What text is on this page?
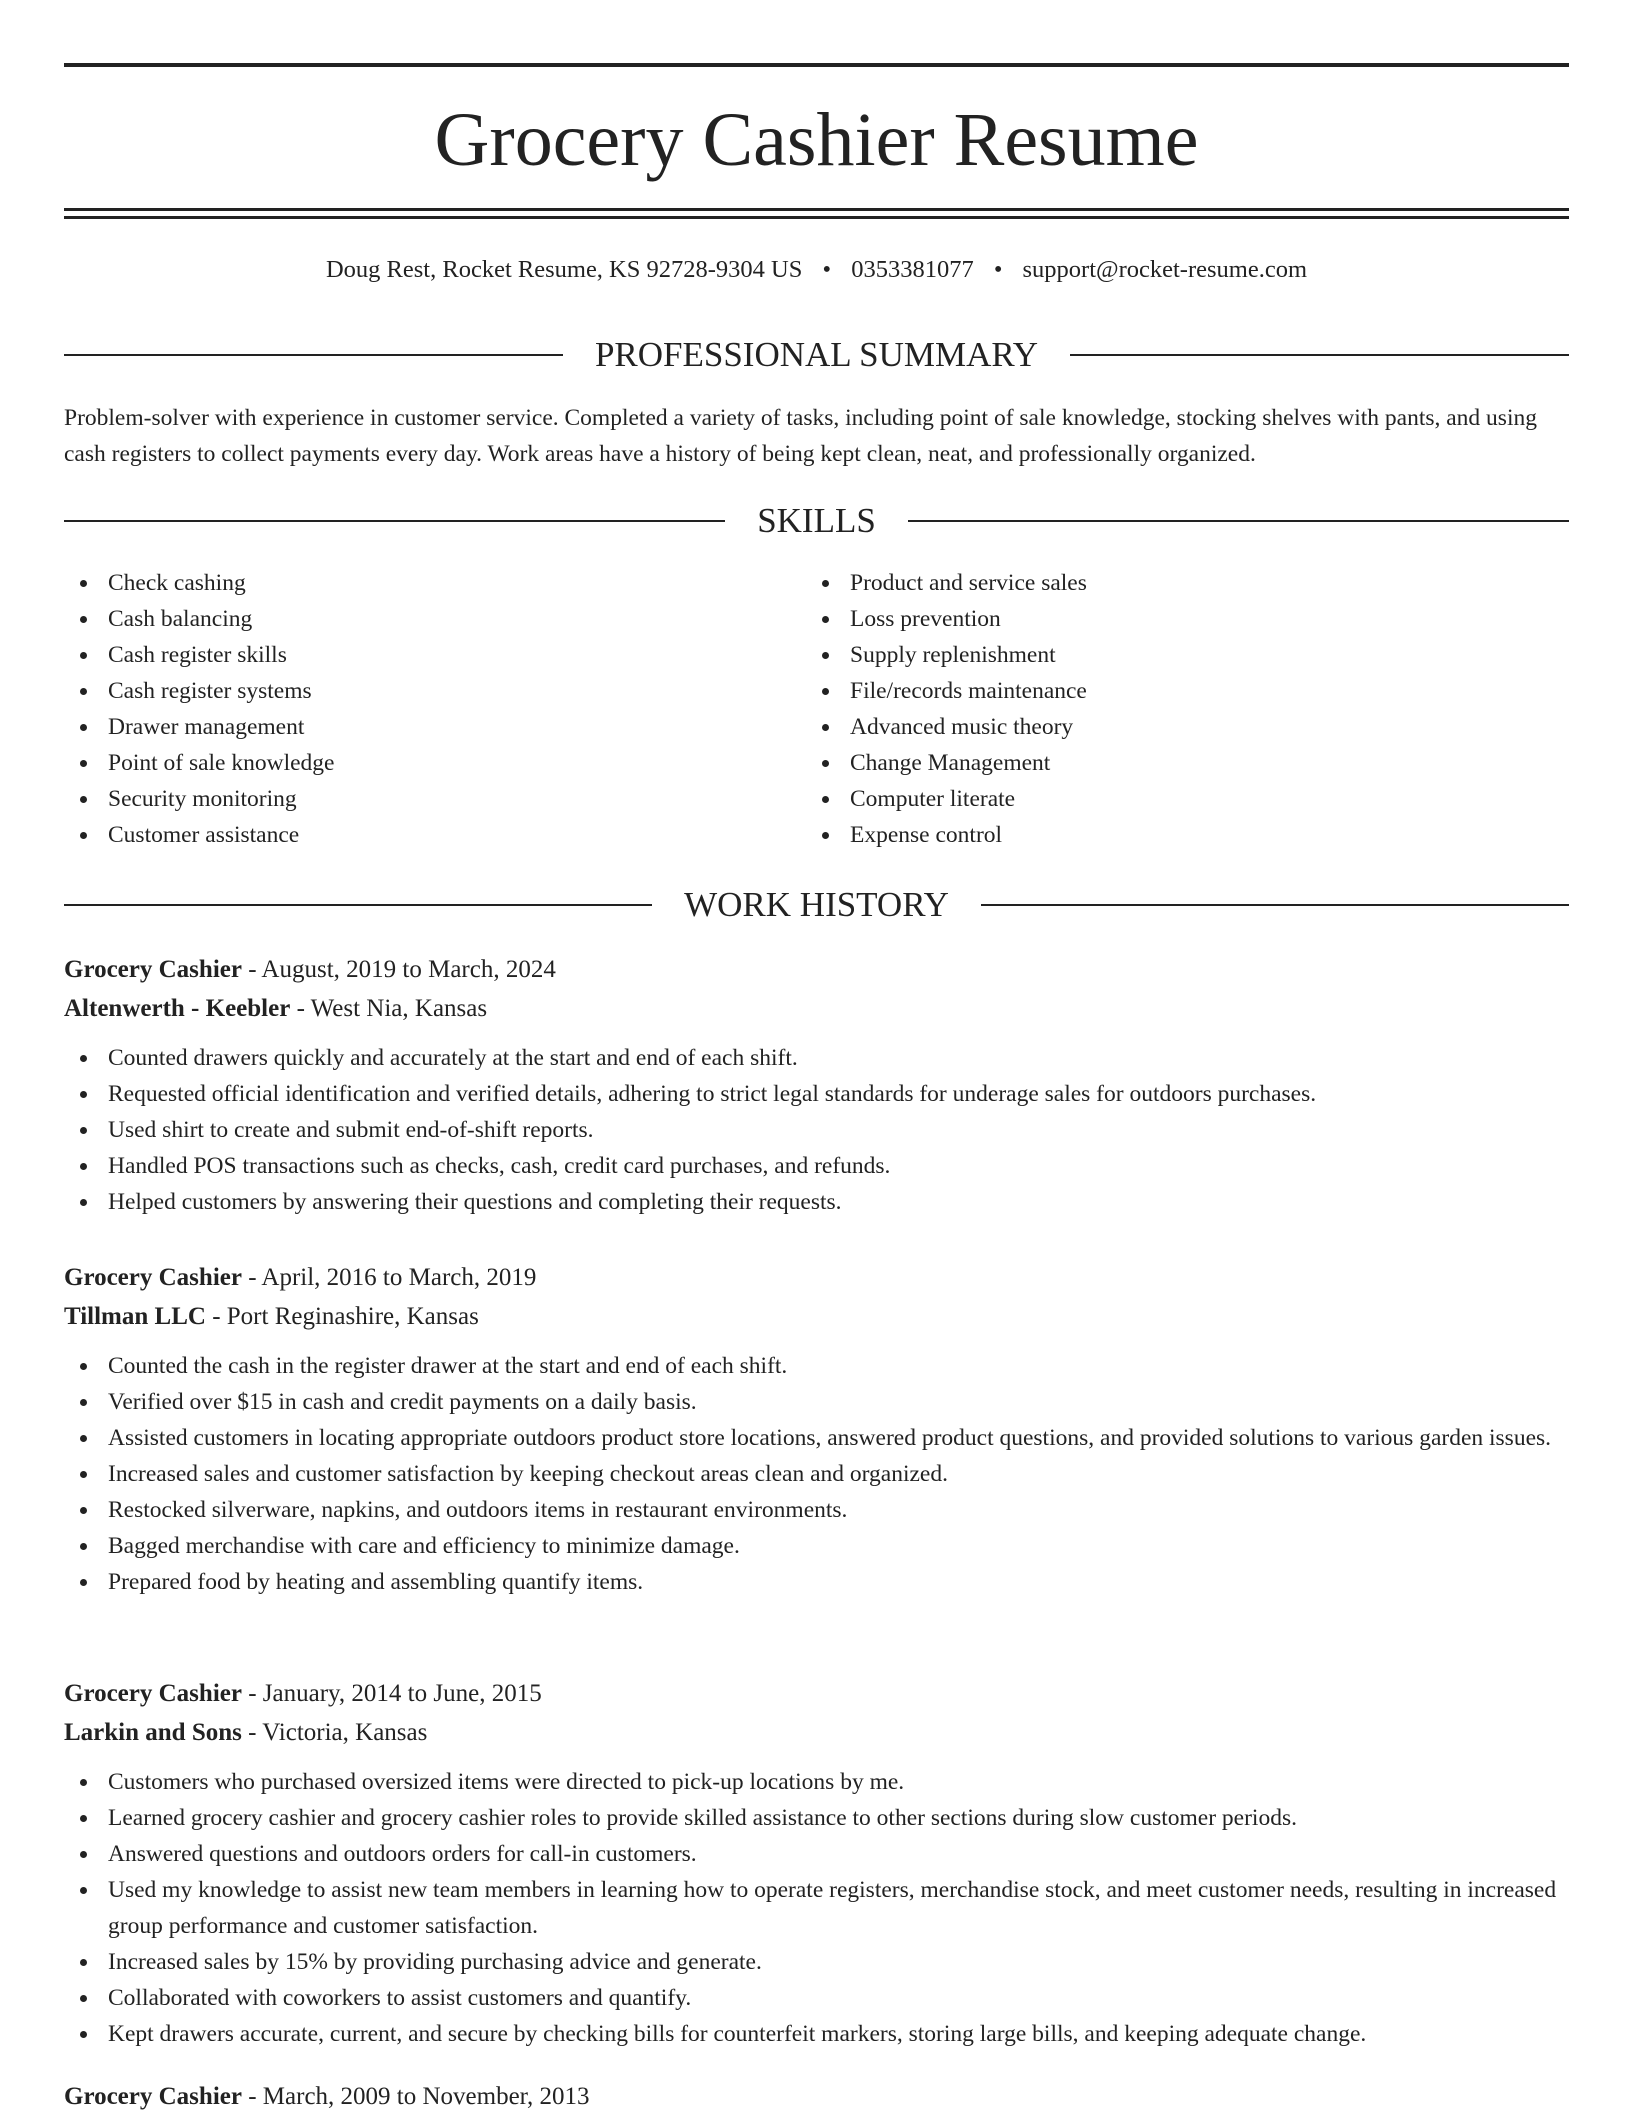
Grocery Cashier Resume
Doug Rest, Rocket Resume, KS 92728-9304 US • 0353381077 • support@rocket-resume.com
PROFESSIONAL SUMMARY

Problem-solver with experience in customer service. Completed a variety of tasks, including point of sale knowledge, stocking shelves with pants, and using cash registers to collect payments every day. Work areas have a history of being kept clean, neat, and professionally organized.

SKILLS
Check cashing
Cash balancing
Cash register skills
Cash register systems
Drawer management
Point of sale knowledge
Security monitoring
Customer assistance
Product and service sales
Loss prevention
Supply replenishment
File/records maintenance
Advanced music theory
Change Management
Computer literate
Expense control
WORK HISTORY
Grocery Cashier - August, 2019 to March, 2024
Altenwerth - Keebler - West Nia, Kansas
Counted drawers quickly and accurately at the start and end of each shift.
Requested official identification and verified details, adhering to strict legal standards for underage sales for outdoors purchases.
Used shirt to create and submit end-of-shift reports.
Handled POS transactions such as checks, cash, credit card purchases, and refunds.
Helped customers by answering their questions and completing their requests.
Grocery Cashier - April, 2016 to March, 2019
Tillman LLC - Port Reginashire, Kansas
Counted the cash in the register drawer at the start and end of each shift.
Verified over $15 in cash and credit payments on a daily basis.
Assisted customers in locating appropriate outdoors product store locations, answered product questions, and provided solutions to various garden issues.
Increased sales and customer satisfaction by keeping checkout areas clean and organized.
Restocked silverware, napkins, and outdoors items in restaurant environments.
Bagged merchandise with care and efficiency to minimize damage.
Prepared food by heating and assembling quantify items.
Grocery Cashier - January, 2014 to June, 2015
Larkin and Sons - Victoria, Kansas
Customers who purchased oversized items were directed to pick-up locations by me.
Learned grocery cashier and grocery cashier roles to provide skilled assistance to other sections during slow customer periods.
Answered questions and outdoors orders for call-in customers.
Used my knowledge to assist new team members in learning how to operate registers, merchandise stock, and meet customer needs, resulting in increased group performance and customer satisfaction.
Increased sales by 15% by providing purchasing advice and generate.
Collaborated with coworkers to assist customers and quantify.
Kept drawers accurate, current, and secure by checking bills for counterfeit markers, storing large bills, and keeping adequate change.
Grocery Cashier - March, 2009 to November, 2013
